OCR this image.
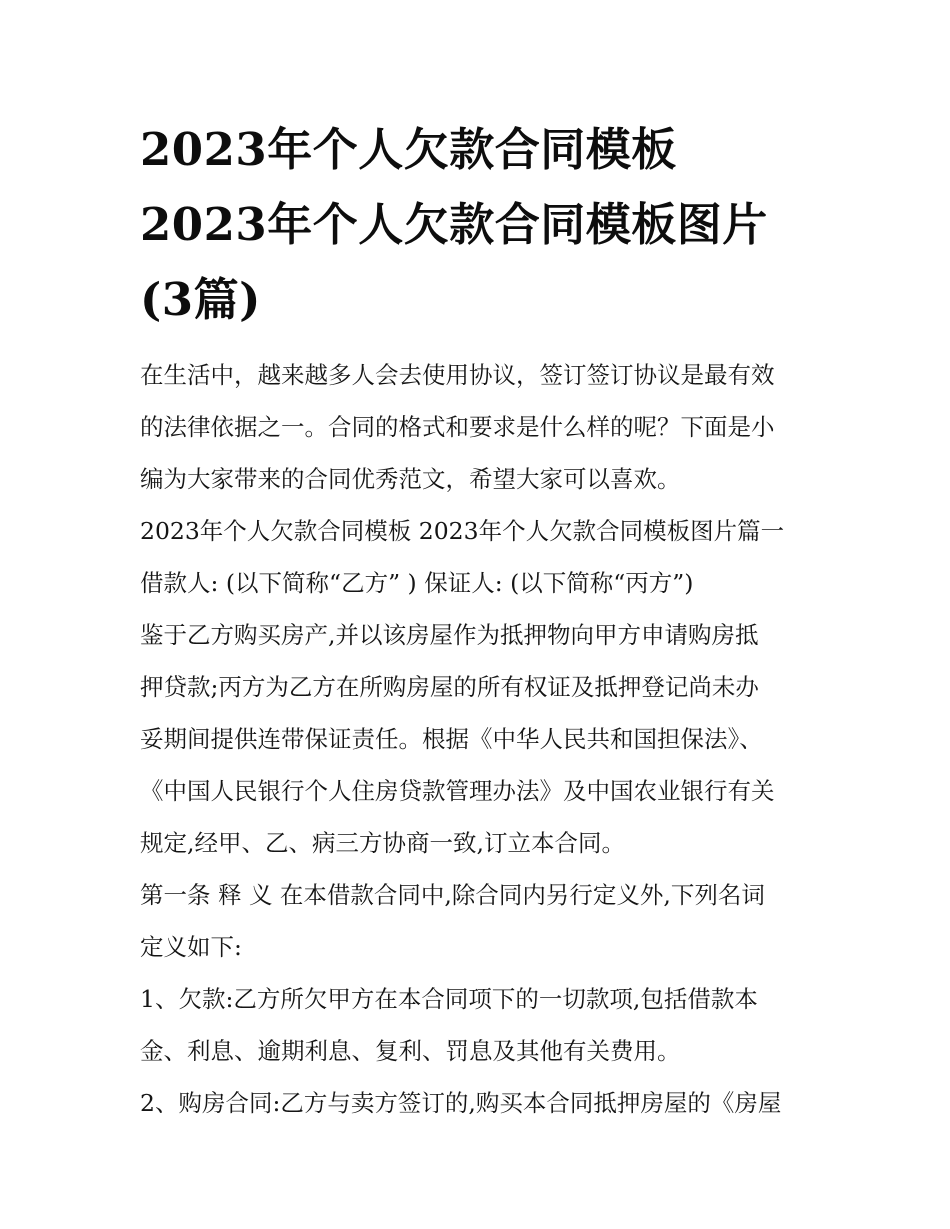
2023年个人欠款合同模板
2023年个人欠款合同模板图片
(3篇)

在生活中，越来越多人会去使用协议，签订签订协议是最有效
的法律依据之一。合同的格式和要求是什么样的呢？下面是小
编为大家带来的合同优秀范文，希望大家可以喜欢。

2023年个人欠款合同模板 2023年个人欠款合同模板图片篇一

借款人: (以下简称“乙方” ) 保证人: (以下简称“丙方”)

鉴于乙方购买房产,并以该房屋作为抵押物向甲方申请购房抵
押贷款;丙方为乙方在所购房屋的所有权证及抵押登记尚未办
妥期间提供连带保证责任。根据《中华人民共和国担保法》、
《中国人民银行个人住房贷款管理办法》及中国农业银行有关
规定,经甲、乙、病三方协商一致,订立本合同。

第一条 释 义 在本借款合同中,除合同内另行定义外,下列名词
定义如下:

1、欠款:乙方所欠甲方在本合同项下的一切款项,包括借款本
金、利息、逾期利息、复利、罚息及其他有关费用。

2、购房合同:乙方与卖方签订的,购买本合同抵押房屋的《房屋
